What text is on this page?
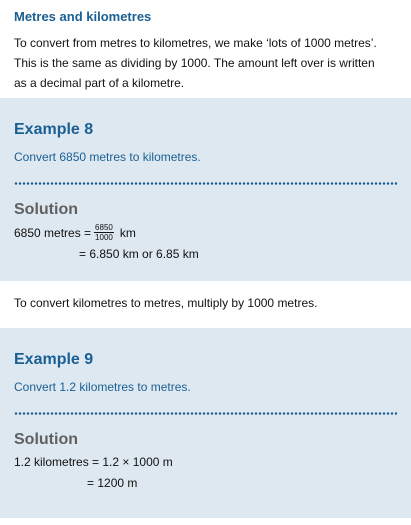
Metres and kilometres
To convert from metres to kilometres, we make ‘lots of 1000 metres’.
This is the same as dividing by 1000. The amount left over is written
as a decimal part of a kilometre.
Example 8

Convert 6850 metres to kilometres.

Solution
6850 metres = $\frac{6850}{1000}$ km
= 6.850 km or 6.85 km

To convert kilometres to metres, multiply by 1000 metres.

Example 9

Convert 1.2 kilometres to metres.

Solution
1.2 kilometres = 1.2 × 1000 m
= 1200 m
